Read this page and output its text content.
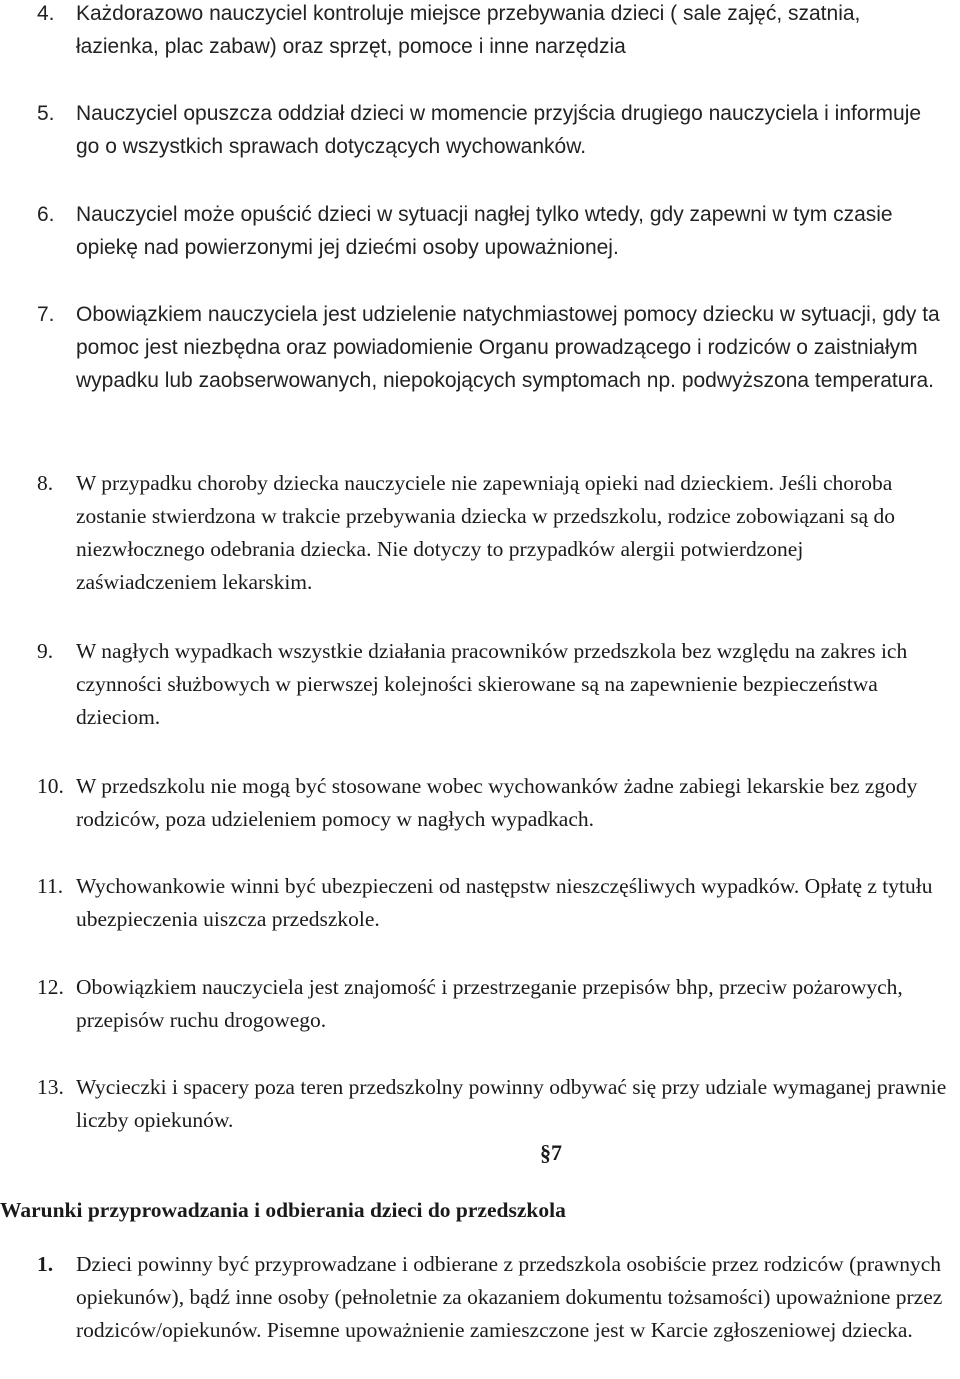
4. Każdorazowo nauczyciel kontroluje miejsce przebywania dzieci ( sale zajęć, szatnia, łazienka, plac zabaw) oraz sprzęt, pomoce i inne narzędzia
5. Nauczyciel opuszcza oddział dzieci w momencie przyjścia drugiego nauczyciela i informuje go o wszystkich sprawach dotyczących wychowanków.
6. Nauczyciel może opuścić dzieci w sytuacji nagłej tylko wtedy, gdy zapewni w tym czasie opiekę nad powierzonymi jej dziećmi osoby upoważnionej.
7. Obowiązkiem nauczyciela jest udzielenie natychmiastowej pomocy dziecku w sytuacji, gdy ta pomoc jest niezbędna oraz powiadomienie Organu prowadzącego i rodziców o zaistniałym wypadku lub zaobserwowanych, niepokojących symptomach np. podwyższona temperatura.
8. W przypadku choroby dziecka nauczyciele nie zapewniają opieki nad dzieckiem. Jeśli choroba zostanie stwierdzona w trakcie przebywania dziecka w przedszkolu, rodzice zobowiązani są do niezwłocznego odebrania dziecka. Nie dotyczy to przypadków alergii potwierdzonej zaświadczeniem lekarskim.
9. W nagłych wypadkach wszystkie działania pracowników przedszkola bez względu na zakres ich czynności służbowych w pierwszej kolejności skierowane są na zapewnienie bezpieczeństwa dzieciom.
10. W przedszkolu nie mogą być stosowane wobec wychowanków żadne zabiegi lekarskie bez zgody rodziców, poza udzieleniem pomocy w nagłych wypadkach.
11. Wychowankowie winni być ubezpieczeni od następstw nieszczęśliwych wypadków. Opłatę z tytułu ubezpieczenia uiszcza przedszkole.
12. Obowiązkiem nauczyciela jest znajomość i przestrzeganie przepisów bhp, przeciw pożarowych, przepisów ruchu drogowego.
13. Wycieczki i spacery poza teren przedszkolny powinny odbywać się przy udziale wymaganej prawnie liczby opiekunów.
§7
Warunki przyprowadzania i odbierania dzieci do przedszkola
1. Dzieci powinny być przyprowadzane i odbierane z przedszkola osobiście przez rodziców (prawnych opiekunów), bądź inne osoby (pełnoletnie za okazaniem dokumentu tożsamości) upoważnione przez rodziców/opiekunów. Pisemne upoważnienie zamieszczone jest w Karcie zgłoszeniowej dziecka.
